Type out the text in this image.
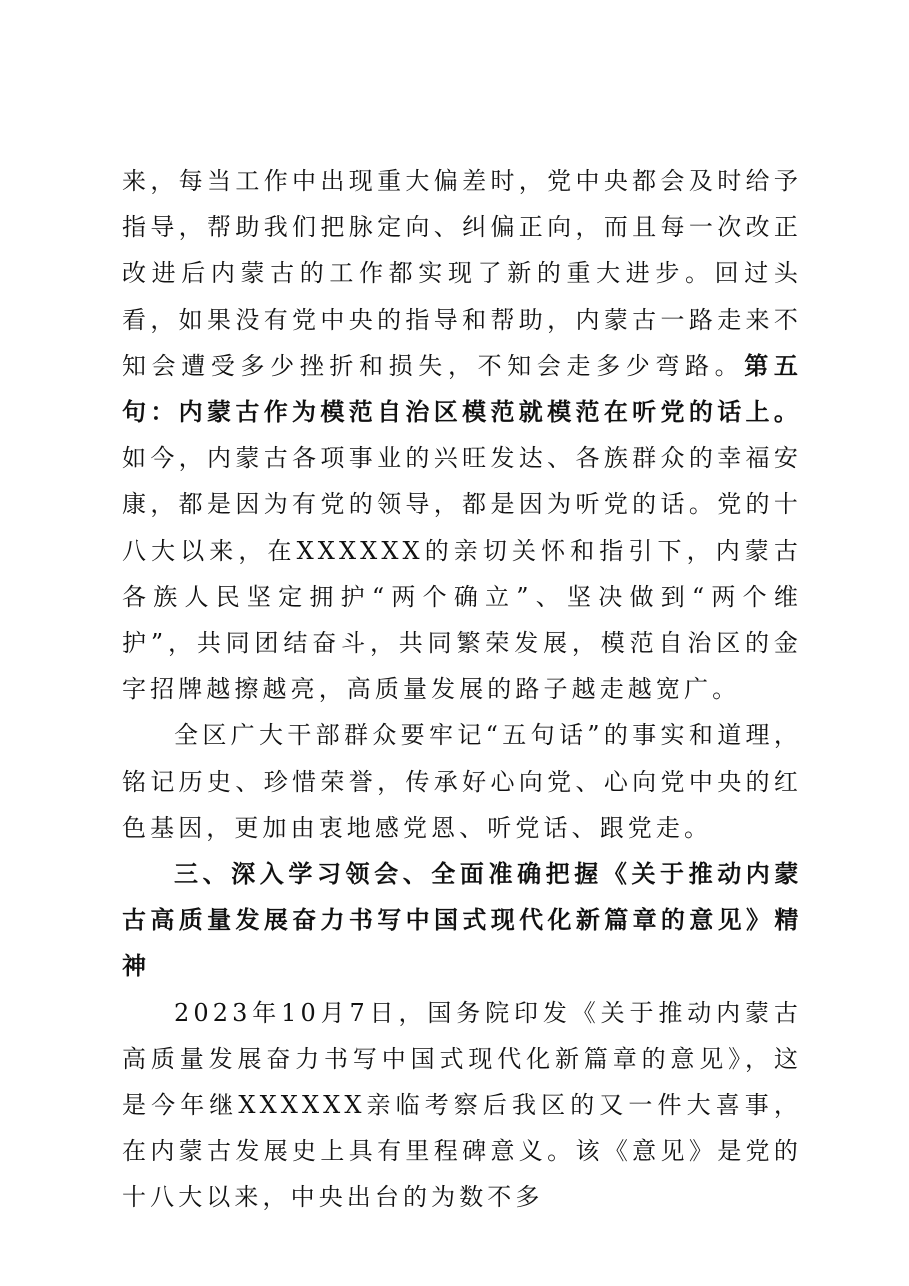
来，每当工作中出现重大偏差时，党中央都会及时给予指导，帮助我们把脉定向、纠偏正向，而且每一次改正改进后内蒙古的工作都实现了新的重大进步。回过头看，如果没有党中央的指导和帮助，内蒙古一路走来不知会遭受多少挫折和损失，不知会走多少弯路。第五句：内蒙古作为模范自治区模范就模范在听党的话上。如今，内蒙古各项事业的兴旺发达、各族群众的幸福安康，都是因为有党的领导，都是因为听党的话。党的十八大以来，在XXXXXX的亲切关怀和指引下，内蒙古各族人民坚定拥护“两个确立”、坚决做到“两个维护”，共同团结奋斗，共同繁荣发展，模范自治区的金字招牌越擦越亮，高质量发展的路子越走越宽广。

全区广大干部群众要牢记“五句话”的事实和道理，铭记历史、珍惜荣誉，传承好心向党、心向党中央的红色基因，更加由衷地感党恩、听党话、跟党走。

三、深入学习领会、全面准确把握《关于推动内蒙古高质量发展奋力书写中国式现代化新篇章的意见》精神

2023年10月7日，国务院印发《关于推动内蒙古高质量发展奋力书写中国式现代化新篇章的意见》，这是今年继XXXXXX亲临考察后我区的又一件大喜事，在内蒙古发展史上具有里程碑意义。该《意见》是党的十八大以来，中央出台的为数不多
